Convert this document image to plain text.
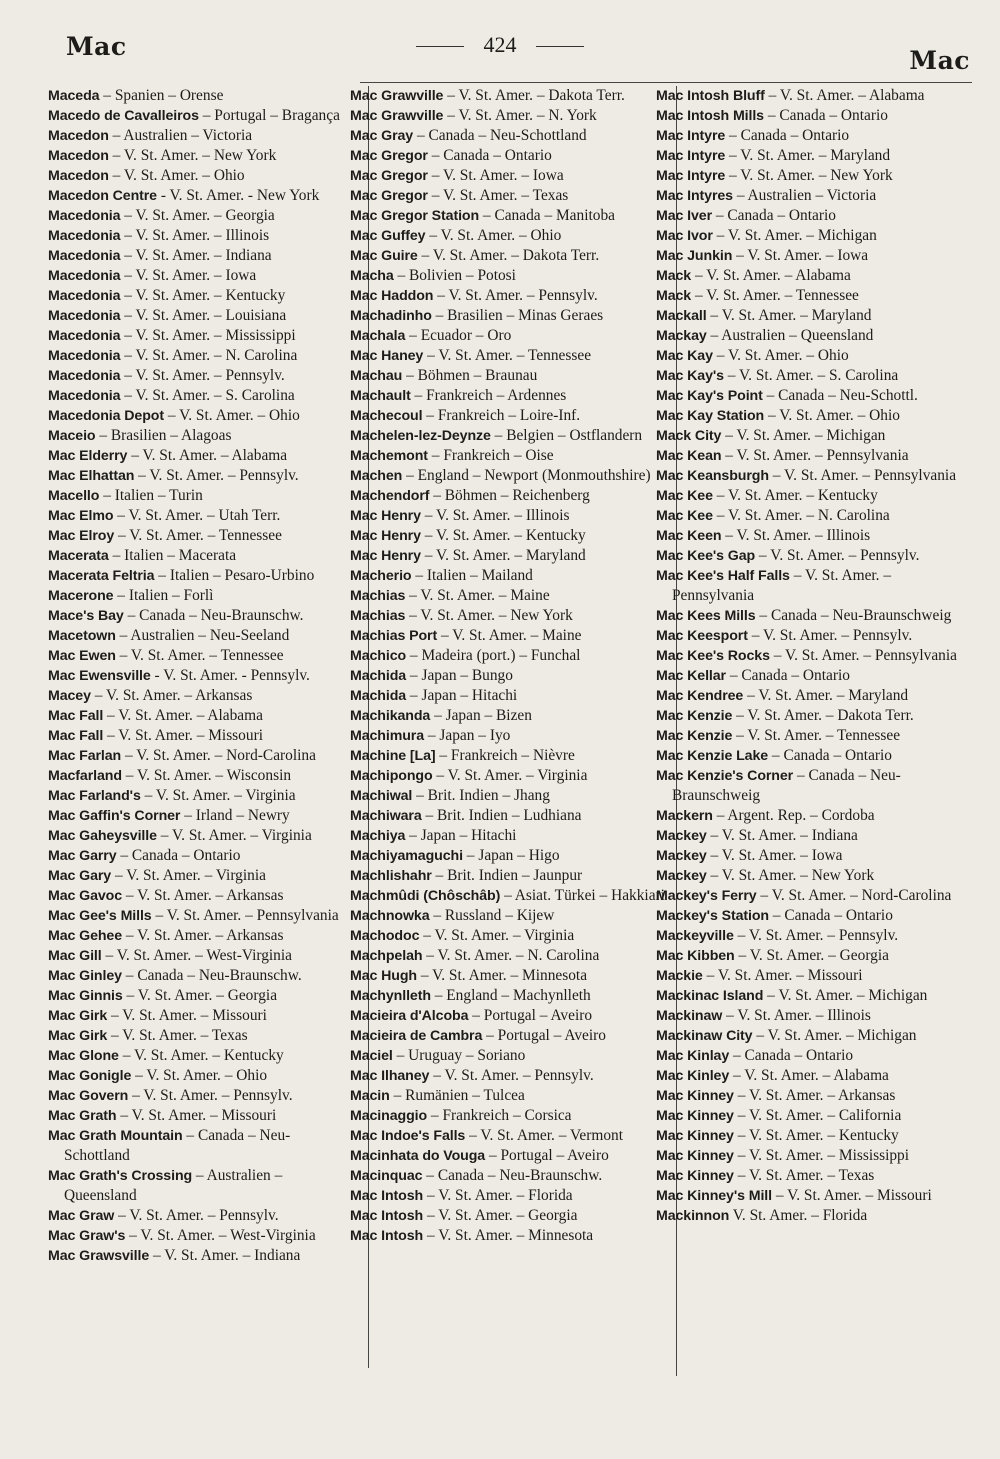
Mac	424
Mac
Maceda – Spanien – Orense
Macedo de Cavalleiros – Portugal – Bragança
Macedon – Australien – Victoria
Macedon – V. St. Amer. – New York
Macedon – V. St. Amer. – Ohio
Macedon Centre - V. St. Amer. - New York
Macedonia – V. St. Amer. – Georgia
Macedonia – V. St. Amer. – Illinois
Macedonia – V. St. Amer. – Indiana
Macedonia – V. St. Amer. – Iowa
Macedonia – V. St. Amer. – Kentucky
Macedonia – V. St. Amer. – Louisiana
Macedonia – V. St. Amer. – Mississippi
Macedonia – V. St. Amer. – N. Carolina
Macedonia – V. St. Amer. – Pennsylv.
Macedonia – V. St. Amer. – S. Carolina
Macedonia Depot – V. St. Amer. – Ohio
Maceio – Brasilien – Alagoas
Mac Elderry – V. St. Amer. – Alabama
Mac Elhattan – V. St. Amer. – Pennsylv.
Macello – Italien – Turin
Mac Elmo – V. St. Amer. – Utah Terr.
Mac Elroy – V. St. Amer. – Tennessee
Macerata – Italien – Macerata
Macerata Feltria – Italien – Pesaro-Urbino
Macerone – Italien – Forlì
Mace's Bay – Canada – Neu-Braunschw.
Macetown – Australien – Neu-Seeland
Mac Ewen – V. St. Amer. – Tennessee
Mac Ewensville - V. St. Amer. - Pennsylv.
Macey – V. St. Amer. – Arkansas
Mac Fall – V. St. Amer. – Alabama
Mac Fall – V. St. Amer. – Missouri
Mac Farlan – V. St. Amer. – Nord-Carolina
Macfarland – V. St. Amer. – Wisconsin
Mac Farland's – V. St. Amer. – Virginia
Mac Gaffin's Corner – Irland – Newry
Mac Gaheysville – V. St. Amer. – Virginia
Mac Garry – Canada – Ontario
Mac Gary – V. St. Amer. – Virginia
Mac Gavoc – V. St. Amer. – Arkansas
Mac Gee's Mills – V. St. Amer. – Pennsylvania
Mac Gehee – V. St. Amer. – Arkansas
Mac Gill – V. St. Amer. – West-Virginia
Mac Ginley – Canada – Neu-Braunschw.
Mac Ginnis – V. St. Amer. – Georgia
Mac Girk – V. St. Amer. – Missouri
Mac Girk – V. St. Amer. – Texas
Mac Glone – V. St. Amer. – Kentucky
Mac Gonigle – V. St. Amer. – Ohio
Mac Govern – V. St. Amer. – Pennsylv.
Mac Grath – V. St. Amer. – Missouri
Mac Grath Mountain – Canada – Neu-Schottland
Mac Grath's Crossing – Australien – Queensland
Mac Graw – V. St. Amer. – Pennsylv.
Mac Graw's – V. St. Amer. – West-Virginia
Mac Grawsville – V. St. Amer. – Indiana
Mac Grawville – V. St. Amer. – Dakota Terr.
Mac Grawville – V. St. Amer. – N. York
Mac Gray – Canada – Neu-Schottland
Mac Gregor – Canada – Ontario
Mac Gregor – V. St. Amer. – Iowa
Mac Gregor – V. St. Amer. – Texas
Mac Gregor Station – Canada – Manitoba
Mac Guffey – V. St. Amer. – Ohio
Mac Guire – V. St. Amer. – Dakota Terr.
Macha – Bolivien – Potosi
Mac Haddon – V. St. Amer. – Pennsylv.
Machadinho – Brasilien – Minas Geraes
Machala – Ecuador – Oro
Mac Haney – V. St. Amer. – Tennessee
Machau – Böhmen – Braunau
Machault – Frankreich – Ardennes
Machecoul – Frankreich – Loire-Inf.
Machelen-lez-Deynze – Belgien – Ostflandern
Machemont – Frankreich – Oise
Machen – England – Newport (Monmouthshire)
Machendorf – Böhmen – Reichenberg
Mac Henry – V. St. Amer. – Illinois
Mac Henry – V. St. Amer. – Kentucky
Mac Henry – V. St. Amer. – Maryland
Macherio – Italien – Mailand
Machias – V. St. Amer. – Maine
Machias – V. St. Amer. – New York
Machias Port – V. St. Amer. – Maine
Machico – Madeira (port.) – Funchal
Machida – Japan – Bungo
Machida – Japan – Hitachi
Machikanda – Japan – Bizen
Machimura – Japan – Iyo
Machine [La] – Frankreich – Nièvre
Machipongo – V. St. Amer. – Virginia
Machiwal – Brit. Indien – Jhang
Machiwara – Brit. Indien – Ludhiana
Machiya – Japan – Hitachi
Machiyamaguchi – Japan – Higo
Machlishahr – Brit. Indien – Jaunpur
Machmûdi (Chôschâb) – Asiat. Türkei – Hakkiari
Machnowka – Russland – Kijew
Machodoc – V. St. Amer. – Virginia
Machpelah – V. St. Amer. – N. Carolina
Mac Hugh – V. St. Amer. – Minnesota
Machynlleth – England – Machynlleth
Macieira d'Alcoba – Portugal – Aveiro
Macieira de Cambra – Portugal – Aveiro
Maciel – Uruguay – Soriano
Mac Ilhaney – V. St. Amer. – Pennsylv.
Macin – Rumänien – Tulcea
Macinaggio – Frankreich – Corsica
Mac Indoe's Falls – V. St. Amer. – Vermont
Macinhata do Vouga – Portugal – Aveiro
Macinquac – Canada – Neu-Braunschw.
Mac Intosh – V. St. Amer. – Florida
Mac Intosh – V. St. Amer. – Georgia
Mac Intosh – V. St. Amer. – Minnesota
Mac Intosh Bluff – V. St. Amer. – Alabama
Mac Intosh Mills – Canada – Ontario
Mac Intyre – Canada – Ontario
Mac Intyre – V. St. Amer. – Maryland
Mac Intyre – V. St. Amer. – New York
Mac Intyres – Australien – Victoria
Mac Iver – Canada – Ontario
Mac Ivor – V. St. Amer. – Michigan
Mac Junkin – V. St. Amer. – Iowa
Mack – V. St. Amer. – Alabama
Mack – V. St. Amer. – Tennessee
Mackall – V. St. Amer. – Maryland
Mackay – Australien – Queensland
Mac Kay – V. St. Amer. – Ohio
Mac Kay's – V. St. Amer. – S. Carolina
Mac Kay's Point – Canada – Neu-Schottl.
Mac Kay Station – V. St. Amer. – Ohio
Mack City – V. St. Amer. – Michigan
Mac Kean – V. St. Amer. – Pennsylvania
Mac Keansburgh – V. St. Amer. – Pennsylvania
Mac Kee – V. St. Amer. – Kentucky
Mac Kee – V. St. Amer. – N. Carolina
Mac Keen – V. St. Amer. – Illinois
Mac Kee's Gap – V. St. Amer. – Pennsylv.
Mac Kee's Half Falls – V. St. Amer. – Pennsylvania
Mac Kees Mills – Canada – Neu-Braunschweig
Mac Keesport – V. St. Amer. – Pennsylv.
Mac Kee's Rocks – V. St. Amer. – Pennsylvania
Mac Kellar – Canada – Ontario
Mac Kendree – V. St. Amer. – Maryland
Mac Kenzie – V. St. Amer. – Dakota Terr.
Mac Kenzie – V. St. Amer. – Tennessee
Mac Kenzie Lake – Canada – Ontario
Mac Kenzie's Corner – Canada – Neu-Braunschweig
Mackern – Argent. Rep. – Cordoba
Mackey – V. St. Amer. – Indiana
Mackey – V. St. Amer. – Iowa
Mackey – V. St. Amer. – New York
Mackey's Ferry – V. St. Amer. – Nord-Carolina
Mackey's Station – Canada – Ontario
Mackeyville – V. St. Amer. – Pennsylv.
Mac Kibben – V. St. Amer. – Georgia
Mackie – V. St. Amer. – Missouri
Mackinac Island – V. St. Amer. – Michigan
Mackinaw – V. St. Amer. – Illinois
Mackinaw City – V. St. Amer. – Michigan
Mac Kinlay – Canada – Ontario
Mac Kinley – V. St. Amer. – Alabama
Mac Kinney – V. St. Amer. – Arkansas
Mac Kinney – V. St. Amer. – California
Mac Kinney – V. St. Amer. – Kentucky
Mac Kinney – V. St. Amer. – Mississippi
Mac Kinney – V. St. Amer. – Texas
Mac Kinney's Mill – V. St. Amer. – Missouri
Mackinnon V. St. Amer. – Florida
